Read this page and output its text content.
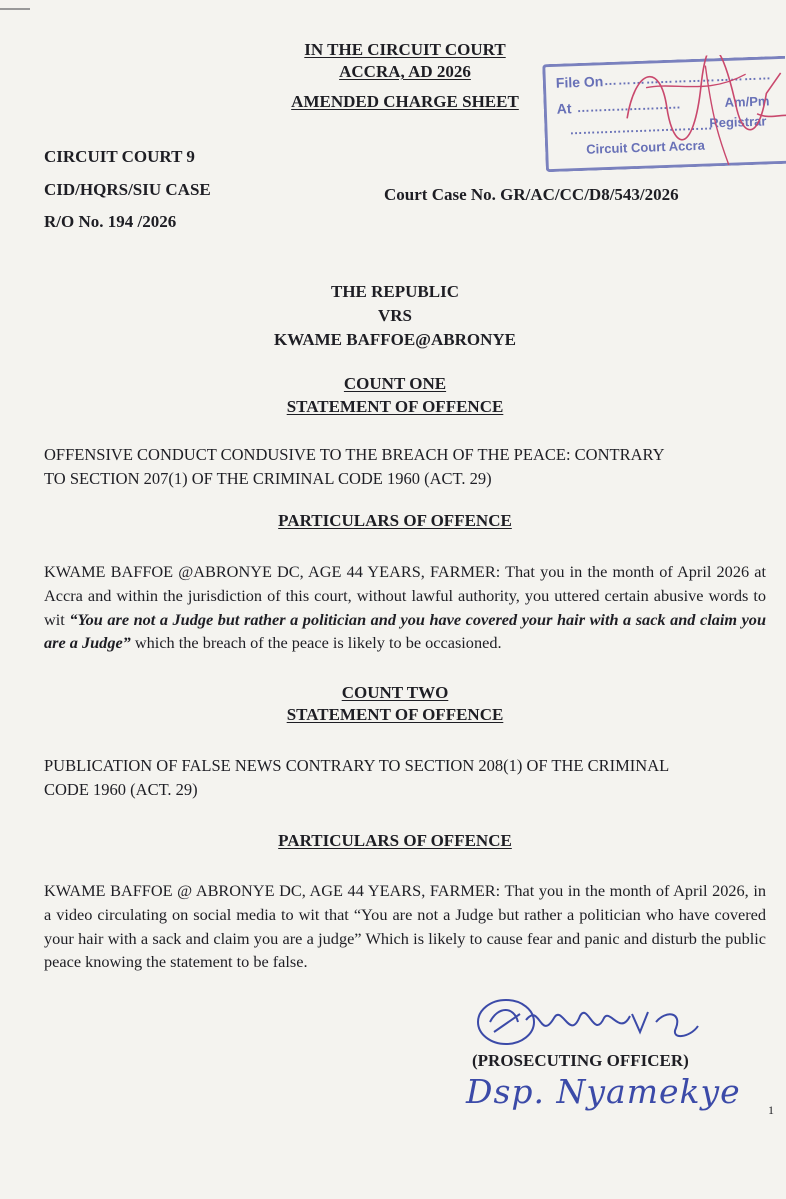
IN THE CIRCUIT COURT
ACCRA, AD 2026
AMENDED CHARGE SHEET
File On ………………………………
At ……………………	Am/Pm
……………………………
Registrar
Circuit Court Accra
CIRCUIT COURT 9
CID/HQRS/SIU CASE
R/O No. 194 /2026
Court Case No. GR/AC/CC/D8/543/2026
THE REPUBLIC
VRS
KWAME BAFFOE@ABRONYE
COUNT ONE
STATEMENT OF OFFENCE
OFFENSIVE CONDUCT CONDUSIVE TO THE BREACH OF THE PEACE: CONTRARY
TO SECTION 207(1) OF THE CRIMINAL CODE 1960 (ACT. 29)
PARTICULARS OF OFFENCE
KWAME BAFFOE @ABRONYE DC, AGE 44 YEARS, FARMER: That you in the month of April 2026 at Accra and within the jurisdiction of this court, without lawful authority, you uttered certain abusive words to wit “You are not a Judge but rather a politician and you have covered your hair with a sack and claim you are a Judge” which the breach of the peace is likely to be occasioned.
COUNT TWO
STATEMENT OF OFFENCE
PUBLICATION OF FALSE NEWS CONTRARY TO SECTION 208(1) OF THE CRIMINAL
CODE 1960 (ACT. 29)
PARTICULARS OF OFFENCE
KWAME BAFFOE @ ABRONYE DC, AGE 44 YEARS, FARMER: That you in the month of April 2026, in a video circulating on social media to wit that “You are not a Judge but rather a politician who have covered your hair with a sack and claim you are a judge” Which is likely to cause fear and panic and disturb the public peace knowing the statement to be false.
(PROSECUTING OFFICER)
Dsp. Nyamekye 1
